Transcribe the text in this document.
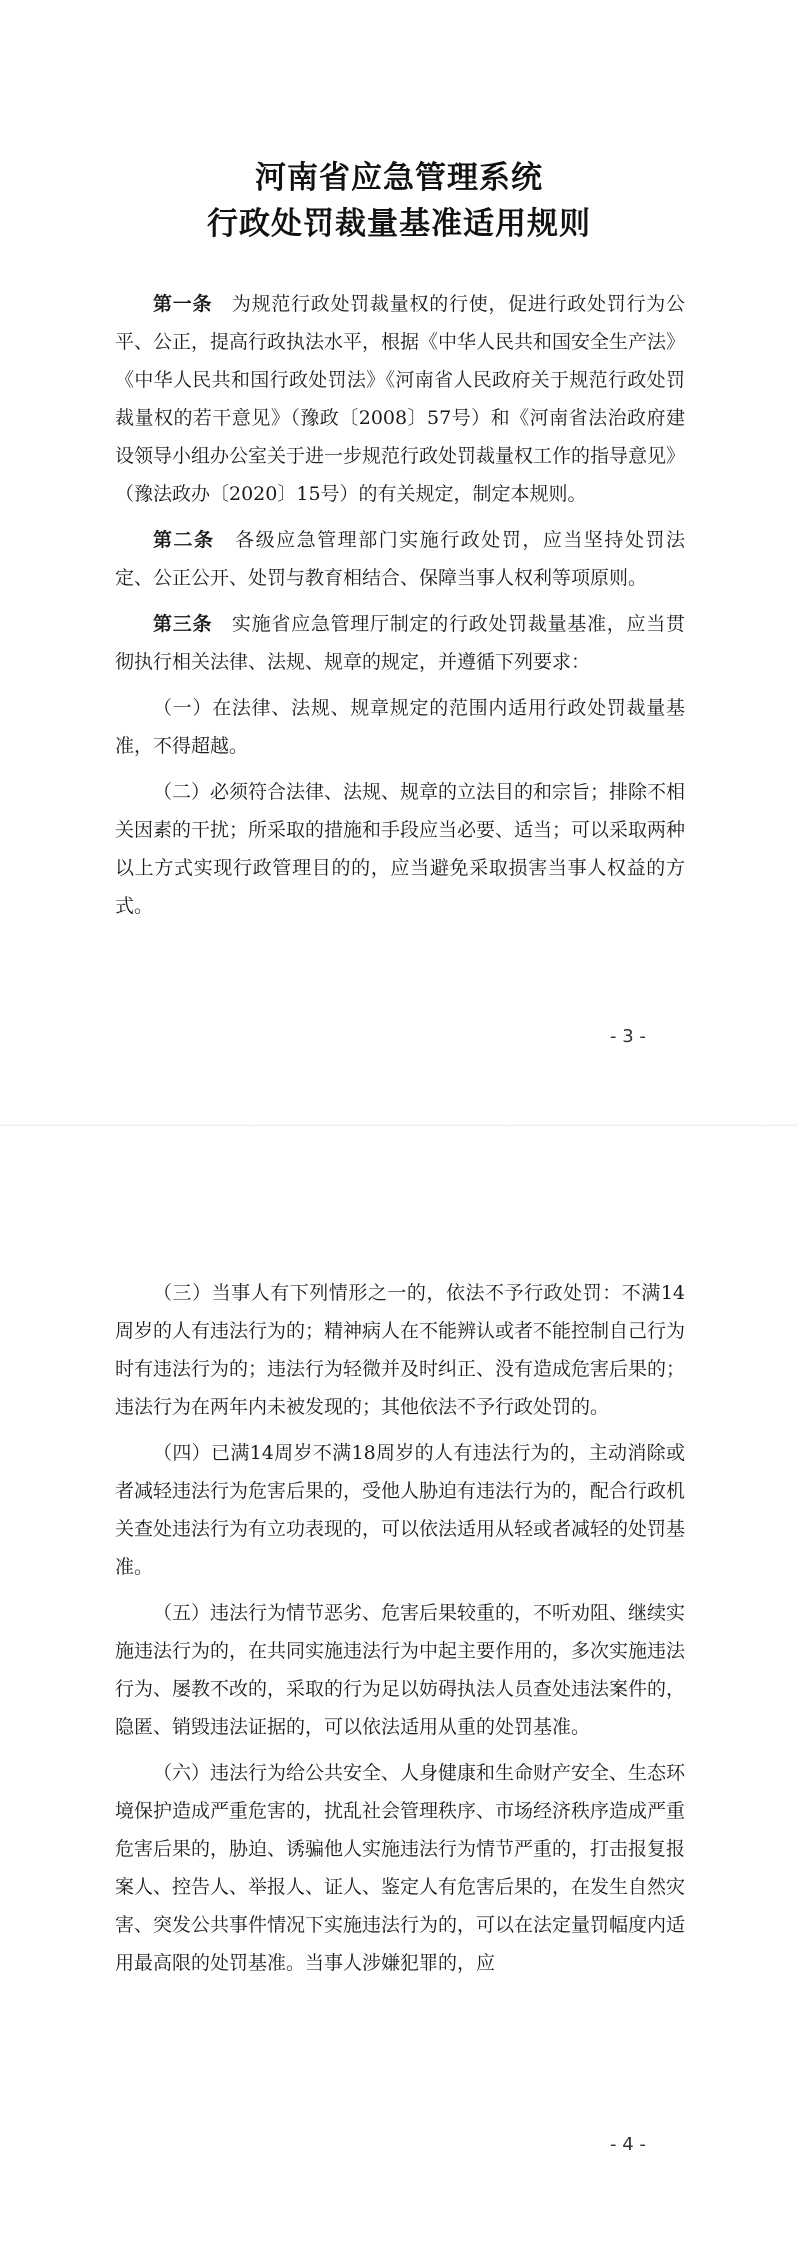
河南省应急管理系统
行政处罚裁量基准适用规则

第一条　为规范行政处罚裁量权的行使，促进行政处罚行为公平、公正，提高行政执法水平，根据《中华人民共和国安全生产法》《中华人民共和国行政处罚法》《河南省人民政府关于规范行政处罚裁量权的若干意见》（豫政〔2008〕57号）和《河南省法治政府建设领导小组办公室关于进一步规范行政处罚裁量权工作的指导意见》（豫法政办〔2020〕15号）的有关规定，制定本规则。

第二条　各级应急管理部门实施行政处罚，应当坚持处罚法定、公正公开、处罚与教育相结合、保障当事人权利等项原则。

第三条　实施省应急管理厅制定的行政处罚裁量基准，应当贯彻执行相关法律、法规、规章的规定，并遵循下列要求：

（一）在法律、法规、规章规定的范围内适用行政处罚裁量基准，不得超越。

（二）必须符合法律、法规、规章的立法目的和宗旨；排除不相关因素的干扰；所采取的措施和手段应当必要、适当；可以采取两种以上方式实现行政管理目的的，应当避免采取损害当事人权益的方式。

- 3 -

（三）当事人有下列情形之一的，依法不予行政处罚：不满14周岁的人有违法行为的；精神病人在不能辨认或者不能控制自己行为时有违法行为的；违法行为轻微并及时纠正、没有造成危害后果的；违法行为在两年内未被发现的；其他依法不予行政处罚的。

（四）已满14周岁不满18周岁的人有违法行为的，主动消除或者减轻违法行为危害后果的，受他人胁迫有违法行为的，配合行政机关查处违法行为有立功表现的，可以依法适用从轻或者减轻的处罚基准。

（五）违法行为情节恶劣、危害后果较重的，不听劝阻、继续实施违法行为的，在共同实施违法行为中起主要作用的，多次实施违法行为、屡教不改的，采取的行为足以妨碍执法人员查处违法案件的，隐匿、销毁违法证据的，可以依法适用从重的处罚基准。

（六）违法行为给公共安全、人身健康和生命财产安全、生态环境保护造成严重危害的，扰乱社会管理秩序、市场经济秩序造成严重危害后果的，胁迫、诱骗他人实施违法行为情节严重的，打击报复报案人、控告人、举报人、证人、鉴定人有危害后果的，在发生自然灾害、突发公共事件情况下实施违法行为的，可以在法定量罚幅度内适用最高限的处罚基准。当事人涉嫌犯罪的，应

- 4 -
